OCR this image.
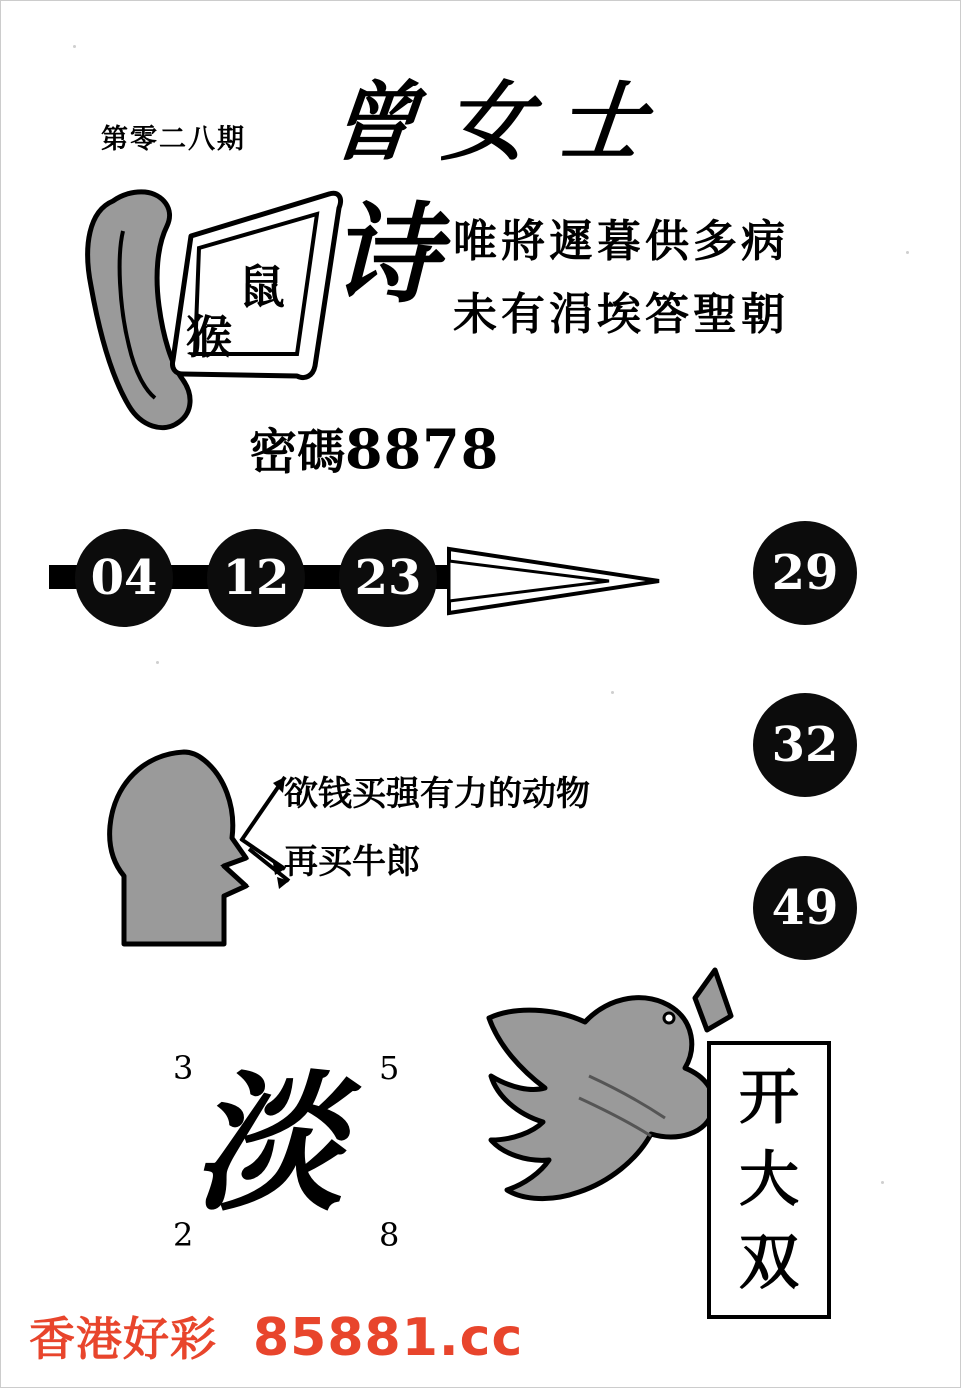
第零二八期 曾女士
鼠
猴
诗 唯將遲暮供多病
未有涓埃答聖朝
密碼8878
04	12	23	29
32
49
欲钱买强有力的动物
再买牛郎
3	5
2	8
淡	开
大
双
香港好彩 85881.cc
